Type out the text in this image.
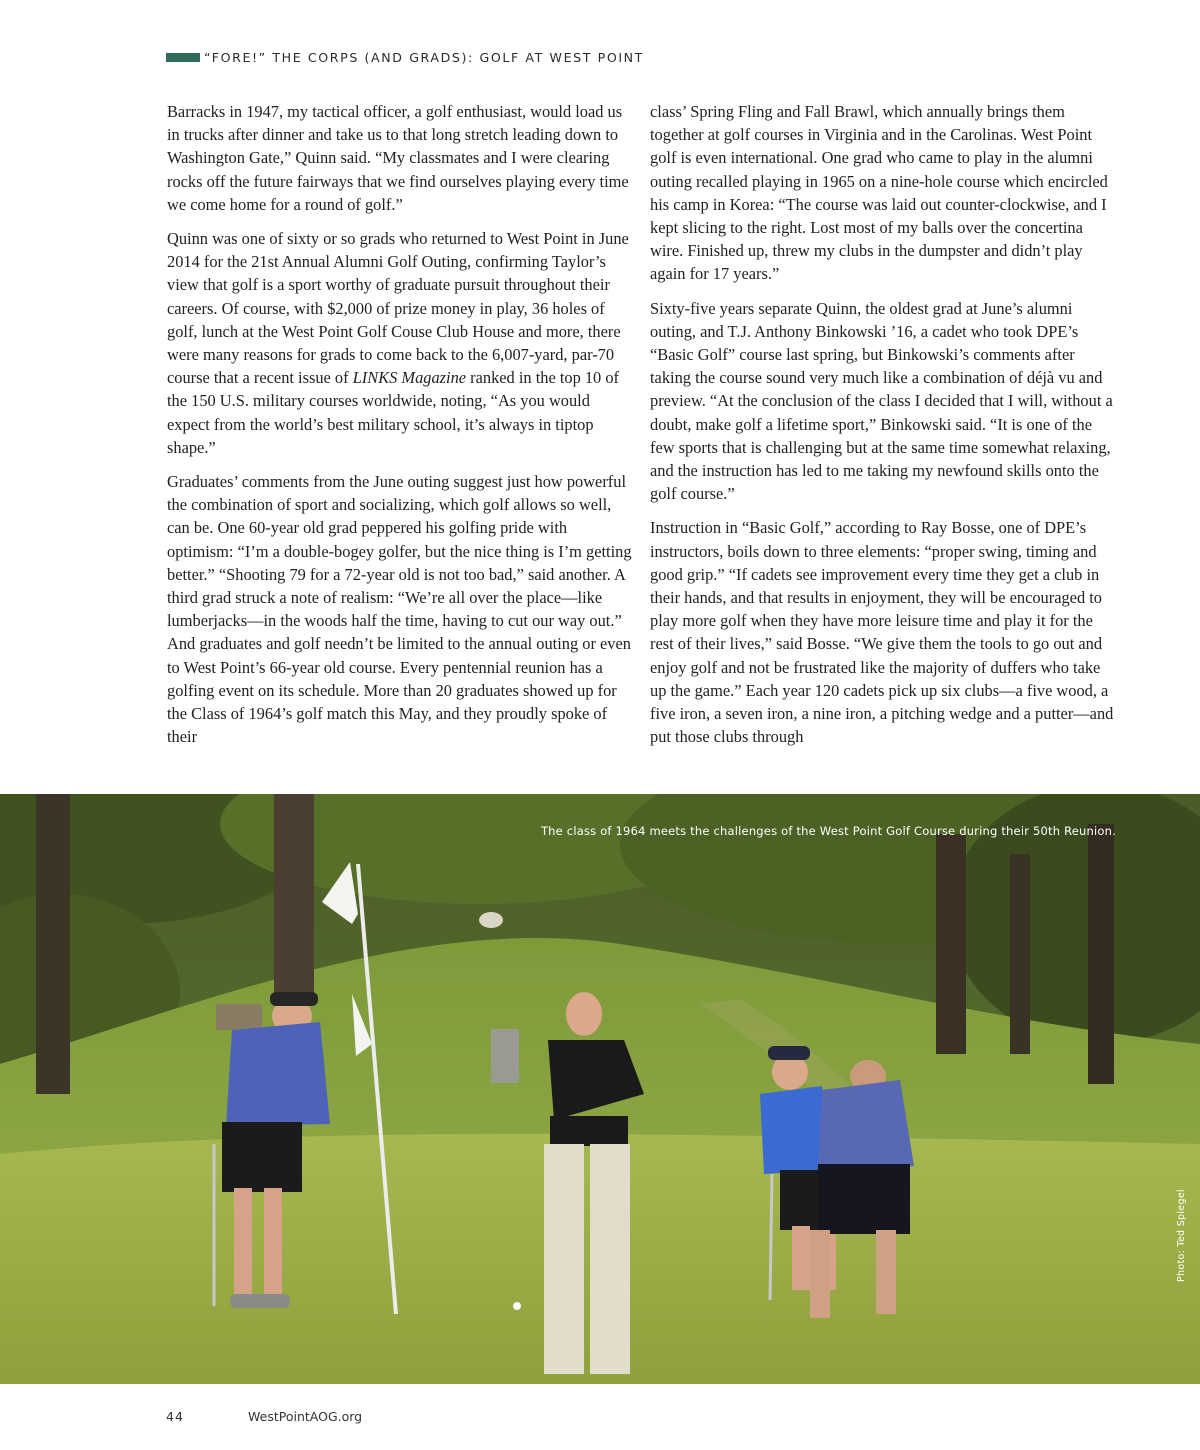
“FORE!” THE CORPS (AND GRADS): GOLF AT WEST POINT

Barracks in 1947, my tactical officer, a golf enthusiast, would load us in trucks after dinner and take us to that long stretch leading down to Washington Gate,” Quinn said. “My classmates and I were clearing rocks off the future fairways that we find ourselves playing every time we come home for a round of golf.”

Quinn was one of sixty or so grads who returned to West Point in June 2014 for the 21st Annual Alumni Golf Outing, confirming Taylor’s view that golf is a sport worthy of graduate pursuit throughout their careers. Of course, with $2,000 of prize money in play, 36 holes of golf, lunch at the West Point Golf Couse Club House and more, there were many reasons for grads to come back to the 6,007-yard, par-70 course that a recent issue of LINKS Magazine ranked in the top 10 of the 150 U.S. military courses worldwide, noting, “As you would expect from the world’s best military school, it’s always in tiptop shape.”

Graduates’ comments from the June outing suggest just how powerful the combination of sport and socializing, which golf allows so well, can be. One 60-year old grad peppered his golfing pride with optimism: “I’m a double-bogey golfer, but the nice thing is I’m getting better.” “Shooting 79 for a 72-year old is not too bad,” said another. A third grad struck a note of realism: “We’re all over the place—like lumberjacks—in the woods half the time, having to cut our way out.” And graduates and golf needn’t be limited to the annual outing or even to West Point’s 66-year old course. Every pentennial reunion has a golfing event on its schedule. More than 20 graduates showed up for the Class of 1964’s golf match this May, and they proudly spoke of their

class’ Spring Fling and Fall Brawl, which annually brings them together at golf courses in Virginia and in the Carolinas. West Point golf is even international. One grad who came to play in the alumni outing recalled playing in 1965 on a nine-hole course which encircled his camp in Korea: “The course was laid out counter-clockwise, and I kept slicing to the right. Lost most of my balls over the concertina wire. Finished up, threw my clubs in the dumpster and didn’t play again for 17 years.”

Sixty-five years separate Quinn, the oldest grad at June’s alumni outing, and T.J. Anthony Binkowski ’16, a cadet who took DPE’s “Basic Golf” course last spring, but Binkowski’s comments after taking the course sound very much like a combination of déjà vu and preview. “At the conclusion of the class I decided that I will, without a doubt, make golf a lifetime sport,” Binkowski said. “It is one of the few sports that is challenging but at the same time somewhat relaxing, and the instruction has led to me taking my newfound skills onto the golf course.”

Instruction in “Basic Golf,” according to Ray Bosse, one of DPE’s instructors, boils down to three elements: “proper swing, timing and good grip.” “If cadets see improvement every time they get a club in their hands, and that results in enjoyment, they will be encouraged to play more golf when they have more leisure time and play it for the rest of their lives,” said Bosse. “We give them the tools to go out and enjoy golf and not be frustrated like the majority of duffers who take up the game.” Each year 120 cadets pick up six clubs—a five wood, a five iron, a seven iron, a nine iron, a pitching wedge and a putter—and put those clubs through

The class of 1964 meets the challenges of the West Point Golf Course during their 50th Reunion.
Photo: Ted Spiegel
44	WestPointAOG.org
